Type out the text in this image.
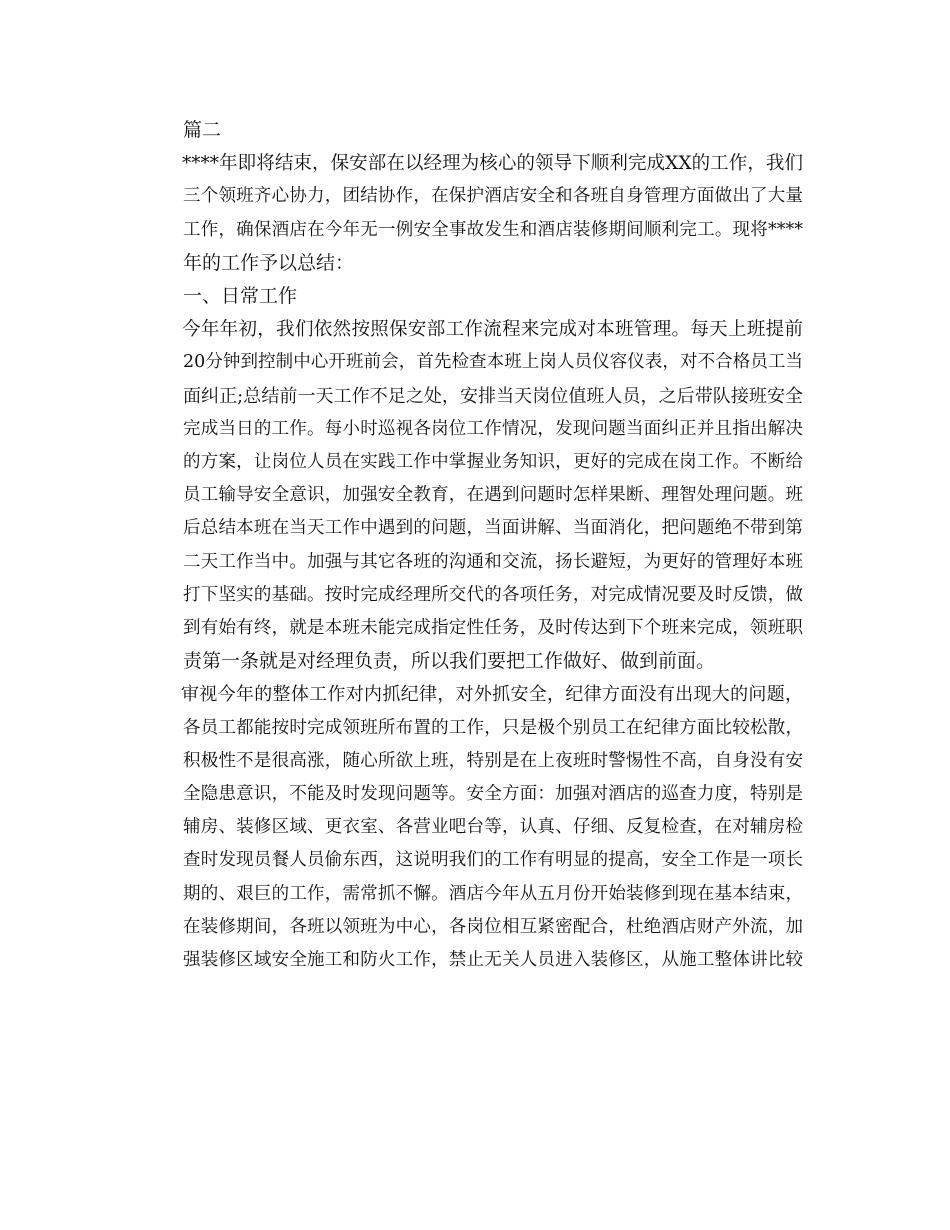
篇二

****年即将结束，保安部在以经理为核心的领导下顺利完成XX的工作，我们
三个领班齐心协力，团结协作，在保护酒店安全和各班自身管理方面做出了大量
工作，确保酒店在今年无一例安全事故发生和酒店装修期间顺利完工。现将****
年的工作予以总结：

一、日常工作

今年年初，我们依然按照保安部工作流程来完成对本班管理。每天上班提前
20分钟到控制中心开班前会，首先检查本班上岗人员仪容仪表，对不合格员工当
面纠正;总结前一天工作不足之处，安排当天岗位值班人员，之后带队接班安全
完成当日的工作。每小时巡视各岗位工作情况，发现问题当面纠正并且指出解决
的方案，让岗位人员在实践工作中掌握业务知识，更好的完成在岗工作。不断给
员工输导安全意识，加强安全教育，在遇到问题时怎样果断、理智处理问题。班
后总结本班在当天工作中遇到的问题，当面讲解、当面消化，把问题绝不带到第
二天工作当中。加强与其它各班的沟通和交流，扬长避短，为更好的管理好本班
打下坚实的基础。按时完成经理所交代的各项任务，对完成情况要及时反馈，做
到有始有终，就是本班未能完成指定性任务，及时传达到下个班来完成，领班职
责第一条就是对经理负责，所以我们要把工作做好、做到前面。
审视今年的整体工作对内抓纪律，对外抓安全，纪律方面没有出现大的问题，
各员工都能按时完成领班所布置的工作，只是极个别员工在纪律方面比较松散，
积极性不是很高涨，随心所欲上班，特别是在上夜班时警惕性不高，自身没有安
全隐患意识，不能及时发现问题等。安全方面：加强对酒店的巡查力度，特别是
辅房、装修区域、更衣室、各营业吧台等，认真、仔细、反复检查，在对辅房检
查时发现员餐人员偷东西，这说明我们的工作有明显的提高，安全工作是一项长
期的、艰巨的工作，需常抓不懈。酒店今年从五月份开始装修到现在基本结束，
在装修期间，各班以领班为中心，各岗位相互紧密配合，杜绝酒店财产外流，加
强装修区域安全施工和防火工作，禁止无关人员进入装修区，从施工整体讲比较
